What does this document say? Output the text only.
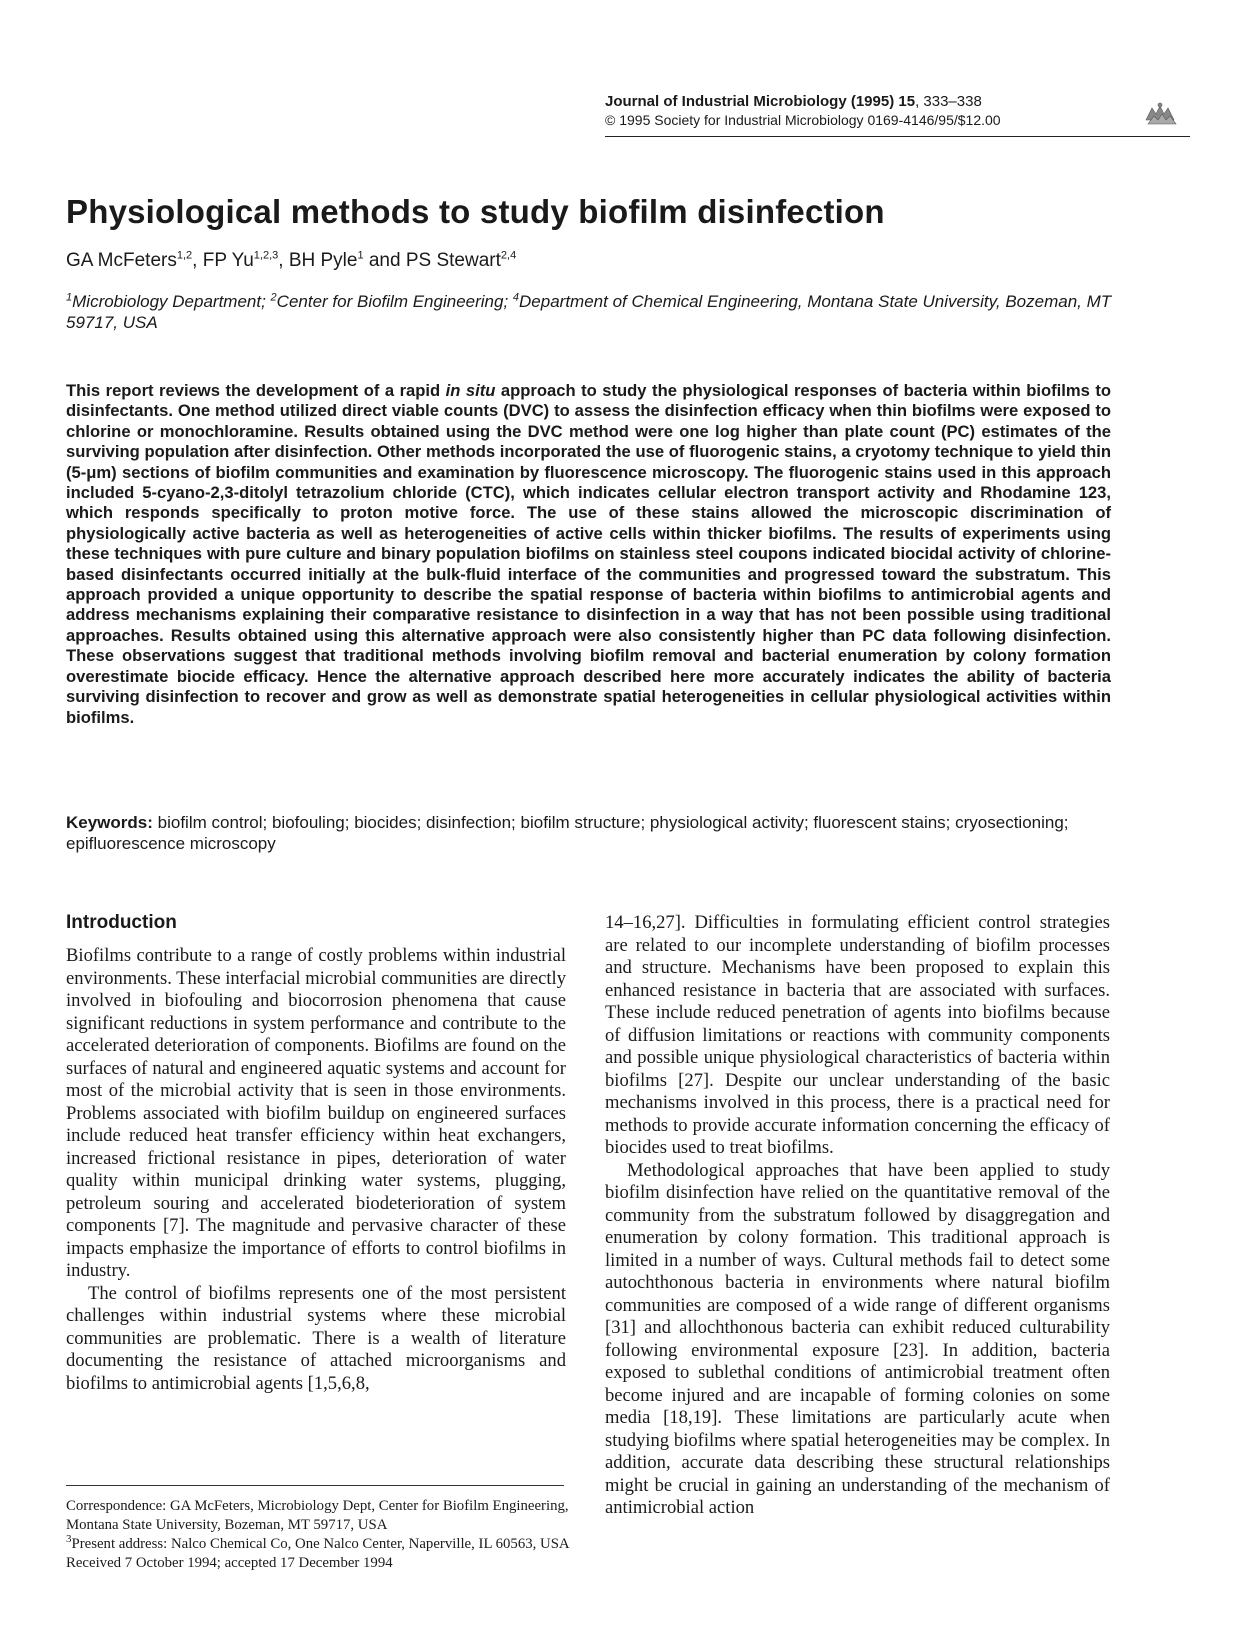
Journal of Industrial Microbiology (1995) 15, 333–338
© 1995 Society for Industrial Microbiology 0169-4146/95/$12.00
Physiological methods to study biofilm disinfection
GA McFeters$^{1,2}$, FP Yu$^{1,2,3}$, BH Pyle$^1$ and PS Stewart$^{2,4}$
$^1$Microbiology Department; $^2$Center for Biofilm Engineering; $^4$Department of Chemical Engineering, Montana State University, Bozeman, MT 59717, USA
This report reviews the development of a rapid in situ approach to study the physiological responses of bacteria within biofilms to disinfectants. One method utilized direct viable counts (DVC) to assess the disinfection efficacy when thin biofilms were exposed to chlorine or monochloramine. Results obtained using the DVC method were one log higher than plate count (PC) estimates of the surviving population after disinfection. Other methods incorporated the use of fluorogenic stains, a cryotomy technique to yield thin (5-μm) sections of biofilm communities and examination by fluorescence microscopy. The fluorogenic stains used in this approach included 5-cyano-2,3-ditolyl tetrazolium chloride (CTC), which indicates cellular electron transport activity and Rhodamine 123, which responds specifically to proton motive force. The use of these stains allowed the microscopic discrimination of physiologically active bacteria as well as heterogeneities of active cells within thicker biofilms. The results of experiments using these techniques with pure culture and binary population biofilms on stainless steel coupons indicated biocidal activity of chlorine-based disinfectants occurred initially at the bulk-fluid interface of the communities and progressed toward the substratum. This approach provided a unique opportunity to describe the spatial response of bacteria within biofilms to antimicrobial agents and address mechanisms explaining their comparative resistance to disinfection in a way that has not been possible using traditional approaches. Results obtained using this alternative approach were also consistently higher than PC data following disinfection. These observations suggest that traditional methods involving biofilm removal and bacterial enumeration by colony formation overestimate biocide efficacy. Hence the alternative approach described here more accurately indicates the ability of bacteria surviving disinfection to recover and grow as well as demonstrate spatial heterogeneities in cellular physiological activities within biofilms.
Keywords: biofilm control; biofouling; biocides; disinfection; biofilm structure; physiological activity; fluorescent stains; cryosectioning; epifluorescence microscopy
Introduction

Biofilms contribute to a range of costly problems within industrial environments. These interfacial microbial communities are directly involved in biofouling and biocorrosion phenomena that cause significant reductions in system performance and contribute to the accelerated deterioration of components. Biofilms are found on the surfaces of natural and engineered aquatic systems and account for most of the microbial activity that is seen in those environments. Problems associated with biofilm buildup on engineered surfaces include reduced heat transfer efficiency within heat exchangers, increased frictional resistance in pipes, deterioration of water quality within municipal drinking water systems, plugging, petroleum souring and accelerated biodeterioration of system components [7]. The magnitude and pervasive character of these impacts emphasize the importance of efforts to control biofilms in industry.

The control of biofilms represents one of the most persistent challenges within industrial systems where these microbial communities are problematic. There is a wealth of literature documenting the resistance of attached microorganisms and biofilms to antimicrobial agents [1,5,6,8,

14–16,27]. Difficulties in formulating efficient control strategies are related to our incomplete understanding of biofilm processes and structure. Mechanisms have been proposed to explain this enhanced resistance in bacteria that are associated with surfaces. These include reduced penetration of agents into biofilms because of diffusion limitations or reactions with community components and possible unique physiological characteristics of bacteria within biofilms [27]. Despite our unclear understanding of the basic mechanisms involved in this process, there is a practical need for methods to provide accurate information concerning the efficacy of biocides used to treat biofilms.

Methodological approaches that have been applied to study biofilm disinfection have relied on the quantitative removal of the community from the substratum followed by disaggregation and enumeration by colony formation. This traditional approach is limited in a number of ways. Cultural methods fail to detect some autochthonous bacteria in environments where natural biofilm communities are composed of a wide range of different organisms [31] and allochthonous bacteria can exhibit reduced culturability following environmental exposure [23]. In addition, bacteria exposed to sublethal conditions of antimicrobial treatment often become injured and are incapable of forming colonies on some media [18,19]. These limitations are particularly acute when studying biofilms where spatial heterogeneities may be complex. In addition, accurate data describing these structural relationships might be crucial in gaining an understanding of the mechanism of antimicrobial action

Correspondence: GA McFeters, Microbiology Dept, Center for Biofilm Engineering, Montana State University, Bozeman, MT 59717, USA
$^3$Present address: Nalco Chemical Co, One Nalco Center, Naperville, IL 60563, USA
Received 7 October 1994; accepted 17 December 1994
